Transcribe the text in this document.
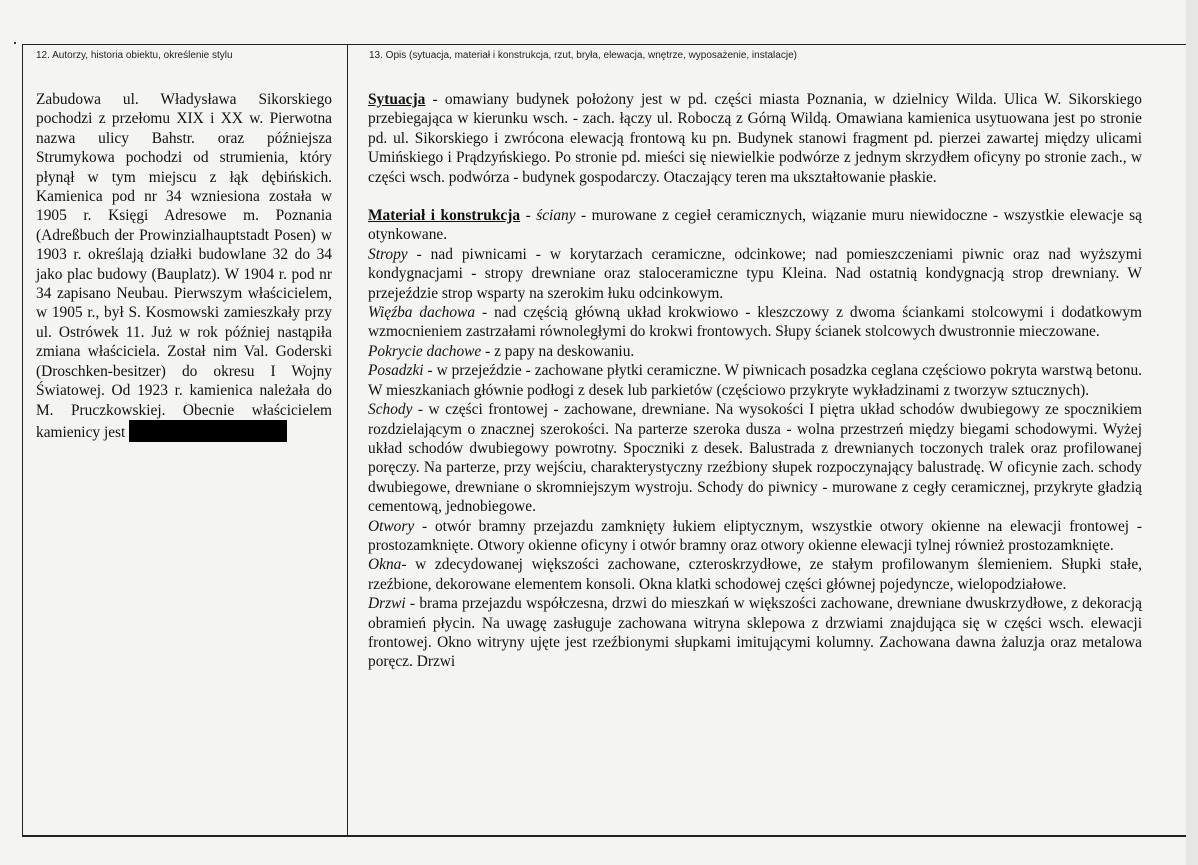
12. Autorzy, historia obiektu, określenie stylu	13. Opis (sytuacja, materiał i konstrukcja, rzut, bryła, elewacja, wnętrze, wyposażenie, instalacje)
Zabudowa ul. Władysława Sikorskiego pochodzi z przełomu XIX i XX w. Pierwotna nazwa ulicy Bahstr. oraz późniejsza Strumykowa pochodzi od strumienia, który płynął w tym miejscu z łąk dębińskich. Kamienica pod nr 34 wzniesiona została w 1905 r. Księgi Adresowe m. Poznania (Adreßbuch der Prowinzialhauptstadt Posen) w 1903 r. określają działki budowlane 32 do 34 jako plac budowy (Bauplatz). W 1904 r. pod nr 34 zapisano Neubau. Pierwszym właścicielem, w 1905 r., był S. Kosmowski zamieszkały przy ul. Ostrówek 11. Już w rok później nastąpiła zmiana właściciela. Został nim Val. Goderski (Droschken-besitzer) do okresu I Wojny Światowej. Od 1923 r. kamienica należała do M. Pruczkowskiej. Obecnie właścicielem kamienicy jest

Sytuacja - omawiany budynek położony jest w pd. części miasta Poznania, w dzielnicy Wilda. Ulica W. Sikorskiego przebiegająca w kierunku wsch. - zach. łączy ul. Roboczą z Górną Wildą. Omawiana kamienica usytuowana jest po stronie pd. ul. Sikorskiego i zwrócona elewacją frontową ku pn. Budynek stanowi fragment pd. pierzei zawartej między ulicami Umińskiego i Prądzyńskiego. Po stronie pd. mieści się niewielkie podwórze z jednym skrzydłem oficyny po stronie zach., w części wsch. podwórza - budynek gospodarczy. Otaczający teren ma ukształtowanie płaskie.

Materiał i konstrukcja - ściany - murowane z cegieł ceramicznych, wiązanie muru niewidoczne - wszystkie elewacje są otynkowane.

Stropy - nad piwnicami - w korytarzach ceramiczne, odcinkowe; nad pomieszczeniami piwnic oraz nad wyższymi kondygnacjami - stropy drewniane oraz staloceramiczne typu Kleina. Nad ostatnią kondygnacją strop drewniany. W przejeździe strop wsparty na szerokim łuku odcinkowym.

Więźba dachowa - nad częścią główną układ krokwiowo - kleszczowy z dwoma ściankami stolcowymi i dodatkowym wzmocnieniem zastrzałami równoległymi do krokwi frontowych. Słupy ścianek stolcowych dwustronnie mieczowane.

Pokrycie dachowe - z papy na deskowaniu.

Posadzki - w przejeździe - zachowane płytki ceramiczne. W piwnicach posadzka ceglana częściowo pokryta warstwą betonu. W mieszkaniach głównie podłogi z desek lub parkietów (częściowo przykryte wykładzinami z tworzyw sztucznych).

Schody - w części frontowej - zachowane, drewniane. Na wysokości I piętra układ schodów dwubiegowy ze spocznikiem rozdzielającym o znacznej szerokości. Na parterze szeroka dusza - wolna przestrzeń między biegami schodowymi. Wyżej układ schodów dwubiegowy powrotny. Spoczniki z desek. Balustrada z drewnianych toczonych tralek oraz profilowanej poręczy. Na parterze, przy wejściu, charakterystyczny rzeźbiony słupek rozpoczynający balustradę. W oficynie zach. schody dwubiegowe, drewniane o skromniejszym wystroju. Schody do piwnicy - murowane z cegły ceramicznej, przykryte gładzią cementową, jednobiegowe.

Otwory - otwór bramny przejazdu zamknięty łukiem eliptycznym, wszystkie otwory okienne na elewacji frontowej - prostozamknięte. Otwory okienne oficyny i otwór bramny oraz otwory okienne elewacji tylnej również prostozamknięte.

Okna- w zdecydowanej większości zachowane, czteroskrzydłowe, ze stałym profilowanym ślemieniem. Słupki stałe, rzeźbione, dekorowane elementem konsoli. Okna klatki schodowej części głównej pojedyncze, wielopodziałowe.

Drzwi - brama przejazdu współczesna, drzwi do mieszkań w większości zachowane, drewniane dwuskrzydłowe, z dekoracją obramień płycin. Na uwagę zasługuje zachowana witryna sklepowa z drzwiami znajdująca się w części wsch. elewacji frontowej. Okno witryny ujęte jest rzeźbionymi słupkami imitującymi kolumny. Zachowana dawna żaluzja oraz metalowa poręcz. Drzwi
